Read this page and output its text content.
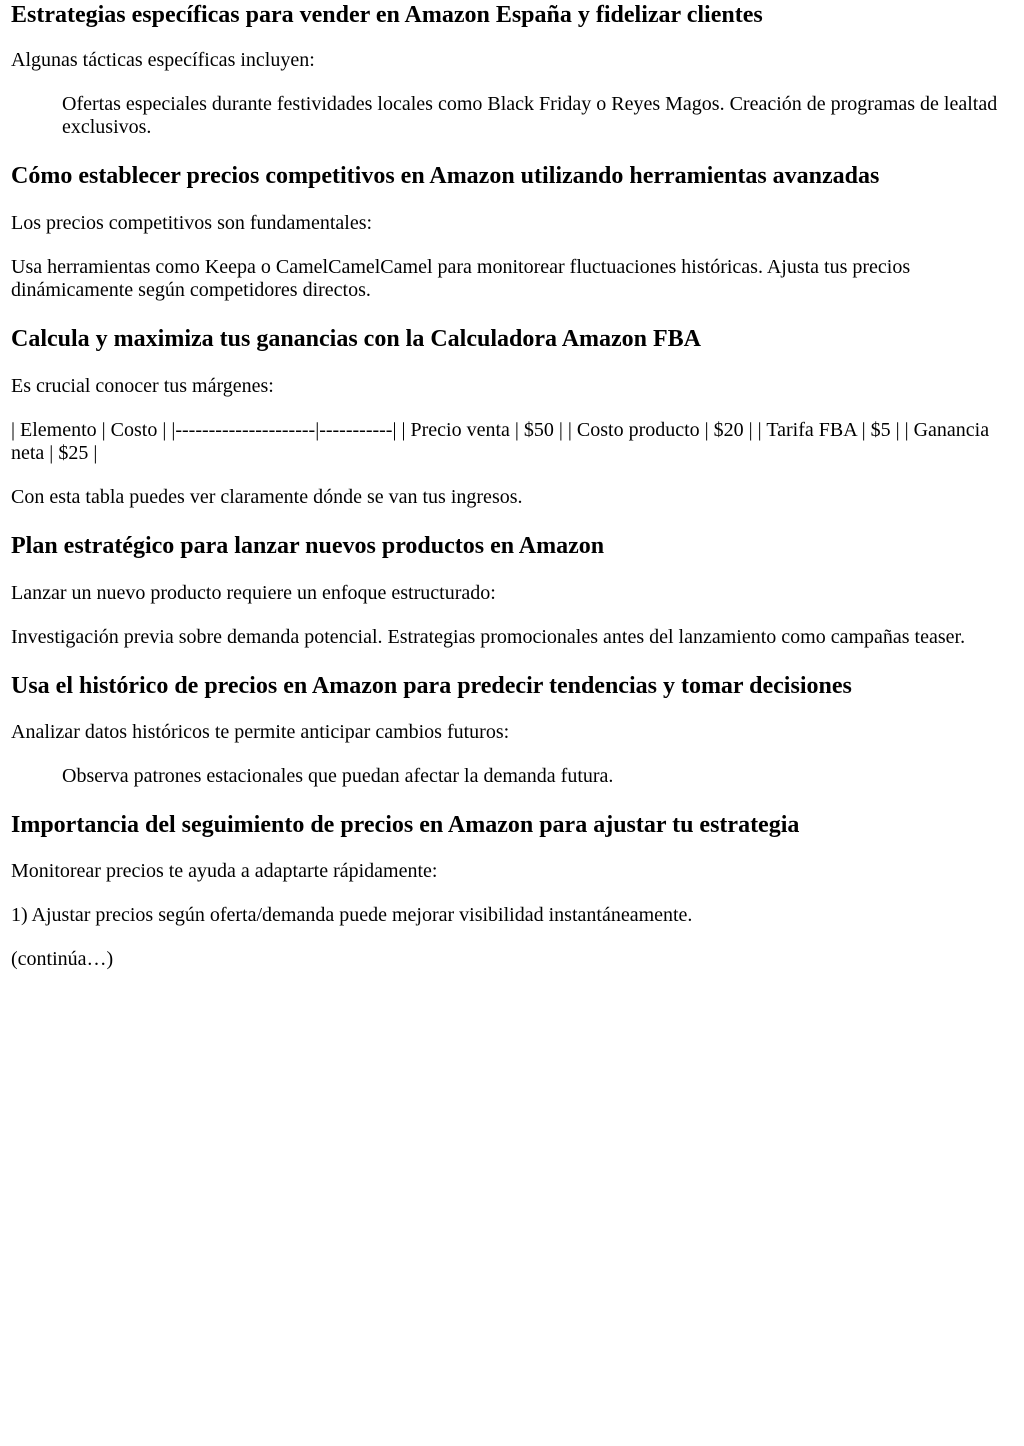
Estrategias específicas para vender en Amazon España y fidelizar clientes

Algunas tácticas específicas incluyen:

Ofertas especiales durante festividades locales como Black Friday o Reyes Magos. Creación de programas de lealtad exclusivos.
Cómo establecer precios competitivos en Amazon utilizando herramientas avanzadas

Los precios competitivos son fundamentales:

Usa herramientas como Keepa o CamelCamelCamel para monitorear fluctuaciones históricas. Ajusta tus precios dinámicamente según competidores directos.

Calcula y maximiza tus ganancias con la Calculadora Amazon FBA

Es crucial conocer tus márgenes:

| Elemento | Costo | |---------------------|-----------| | Precio venta | $50 | | Costo producto | $20 | | Tarifa FBA | $5 | | Ganancia neta | $25 |

Con esta tabla puedes ver claramente dónde se van tus ingresos.

Plan estratégico para lanzar nuevos productos en Amazon

Lanzar un nuevo producto requiere un enfoque estructurado:

Investigación previa sobre demanda potencial. Estrategias promocionales antes del lanzamiento como campañas teaser.

Usa el histórico de precios en Amazon para predecir tendencias y tomar decisiones

Analizar datos históricos te permite anticipar cambios futuros:

Observa patrones estacionales que puedan afectar la demanda futura.
Importancia del seguimiento de precios en Amazon para ajustar tu estrategia

Monitorear precios te ayuda a adaptarte rápidamente:

1) Ajustar precios según oferta/demanda puede mejorar visibilidad instantáneamente.

(continúa…)
